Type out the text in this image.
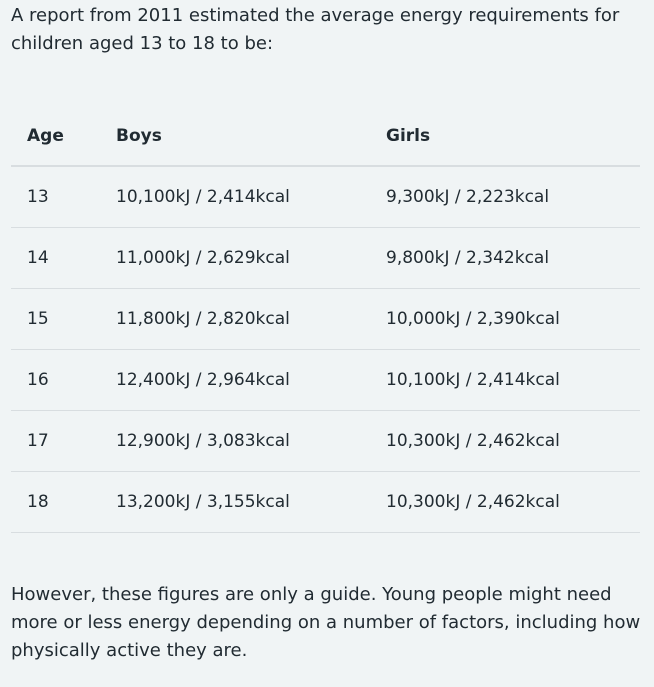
A report from 2011 estimated the average energy requirements for children aged 13 to 18 to be:

Age	Boys	Girls
13	10,100kJ / 2,414kcal	9,300kJ / 2,223kcal
14	11,000kJ / 2,629kcal	9,800kJ / 2,342kcal
15	11,800kJ / 2,820kcal	10,000kJ / 2,390kcal
16	12,400kJ / 2,964kcal	10,100kJ / 2,414kcal
17	12,900kJ / 3,083kcal	10,300kJ / 2,462kcal
18	13,200kJ / 3,155kcal	10,300kJ / 2,462kcal

However, these figures are only a guide. Young people might need more or less energy depending on a number of factors, including how physically active they are.
